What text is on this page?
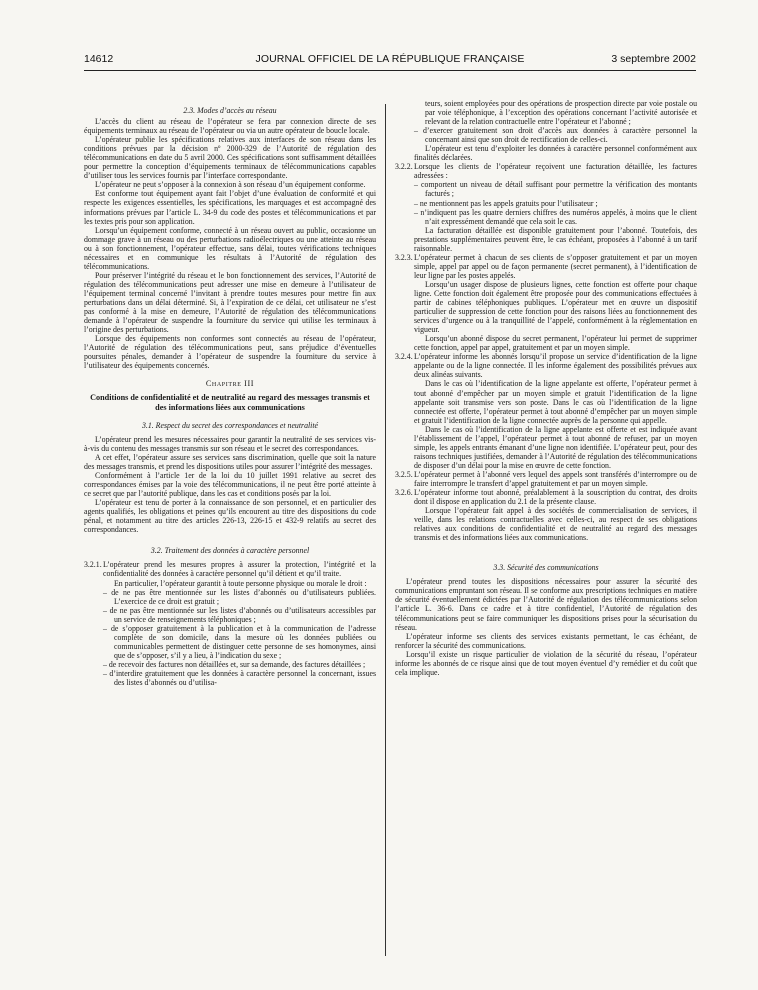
14612	JOURNAL OFFICIEL DE LA RÉPUBLIQUE FRANÇAISE	3 septembre 2002

2.3. Modes d’accès au réseau

L’accès du client au réseau de l’opérateur se fera par connexion directe de ses équipements terminaux au réseau de l’opérateur ou via un autre opérateur de boucle locale.

L’opérateur publie les spécifications relatives aux interfaces de son réseau dans les conditions prévues par la décision nº 2000-329 de l’Autorité de régulation des télécommunications en date du 5 avril 2000. Ces spécifications sont suffisamment détaillées pour permettre la conception d’équipements terminaux de télécommunications capables d’utiliser tous les services fournis par l’interface correspondante.

L’opérateur ne peut s’opposer à la connexion à son réseau d’un équipement conforme.

Est conforme tout équipement ayant fait l’objet d’une évaluation de conformité et qui respecte les exigences essentielles, les spécifications, les marquages et est accompagné des informations prévues par l’article L. 34-9 du code des postes et télécommunications et par les textes pris pour son application.

Lorsqu’un équipement conforme, connecté à un réseau ouvert au public, occasionne un dommage grave à un réseau ou des perturbations radioélectriques ou une atteinte au réseau ou à son fonctionnement, l’opérateur effectue, sans délai, toutes vérifications techniques nécessaires et en communique les résultats à l’Autorité de régulation des télécommunications.

Pour préserver l’intégrité du réseau et le bon fonctionnement des services, l’Autorité de régulation des télécommunications peut adresser une mise en demeure à l’utilisateur de l’équipement terminal concerné l’invitant à prendre toutes mesures pour mettre fin aux perturbations dans un délai déterminé. Si, à l’expiration de ce délai, cet utilisateur ne s’est pas conformé à la mise en demeure, l’Autorité de régulation des télécommunications demande à l’opérateur de suspendre la fourniture du service qui utilise les terminaux à l’origine des perturbations.

Lorsque des équipements non conformes sont connectés au réseau de l’opérateur, l’Autorité de régulation des télécommunications peut, sans préjudice d’éventuelles poursuites pénales, demander à l’opérateur de suspendre la fourniture du service à l’utilisateur des équipements concernés.

Chapitre III

Conditions de confidentialité et de neutralité au regard des messages transmis et des informations liées aux communications

3.1. Respect du secret des correspondances et neutralité

L’opérateur prend les mesures nécessaires pour garantir la neutralité de ses services vis-à-vis du contenu des messages transmis sur son réseau et le secret des correspondances.

A cet effet, l’opérateur assure ses services sans discrimination, quelle que soit la nature des messages transmis, et prend les dispositions utiles pour assurer l’intégrité des messages.

Conformément à l’article 1er de la loi du 10 juillet 1991 relative au secret des correspondances émises par la voie des télécommunications, il ne peut être porté atteinte à ce secret que par l’autorité publique, dans les cas et conditions posés par la loi.

L’opérateur est tenu de porter à la connaissance de son personnel, et en particulier des agents qualifiés, les obligations et peines qu’ils encourent au titre des dispositions du code pénal, et notamment au titre des articles 226-13, 226-15 et 432-9 relatifs au secret des correspondances.

3.2. Traitement des données à caractère personnel

3.2.1.L’opérateur prend les mesures propres à assurer la protection, l’intégrité et la confidentialité des données à caractère personnel qu’il détient et qu’il traite.

En particulier, l’opérateur garantit à toute personne physique ou morale le droit :

– de ne pas être mentionnée sur les listes d’abonnés ou d’utilisateurs publiées. L’exercice de ce droit est gratuit ;

– de ne pas être mentionnée sur les listes d’abonnés ou d’utilisateurs accessibles par un service de renseignements téléphoniques ;

– de s’opposer gratuitement à la publication et à la communication de l’adresse complète de son domicile, dans la mesure où les données publiées ou communicables permettent de distinguer cette personne de ses homonymes, ainsi que de s’opposer, s’il y a lieu, à l’indication du sexe ;

– de recevoir des factures non détaillées et, sur sa demande, des factures détaillées ;

– d’interdire gratuitement que les données à caractère personnel la concernant, issues des listes d’abonnés ou d’utilisa-

teurs, soient employées pour des opérations de prospection directe par voie postale ou par voie téléphonique, à l’exception des opérations concernant l’activité autorisée et relevant de la relation contractuelle entre l’opérateur et l’abonné ;

– d’exercer gratuitement son droit d’accès aux données à caractère personnel la concernant ainsi que son droit de rectification de celles-ci.

L’opérateur est tenu d’exploiter les données à caractère personnel conformément aux finalités déclarées.

3.2.2.Lorsque les clients de l’opérateur reçoivent une facturation détaillée, les factures adressées :

– comportent un niveau de détail suffisant pour permettre la vérification des montants facturés ;

– ne mentionnent pas les appels gratuits pour l’utilisateur ;

– n’indiquent pas les quatre derniers chiffres des numéros appelés, à moins que le client n’ait expressément demandé que cela soit le cas.

La facturation détaillée est disponible gratuitement pour l’abonné. Toutefois, des prestations supplémentaires peuvent être, le cas échéant, proposées à l’abonné à un tarif raisonnable.

3.2.3.L’opérateur permet à chacun de ses clients de s’opposer gratuitement et par un moyen simple, appel par appel ou de façon permanente (secret permanent), à l’identification de leur ligne par les postes appelés.

Lorsqu’un usager dispose de plusieurs lignes, cette fonction est offerte pour chaque ligne. Cette fonction doit également être proposée pour des communications effectuées à partir de cabines téléphoniques publiques. L’opérateur met en œuvre un dispositif particulier de suppression de cette fonction pour des raisons liées au fonctionnement des services d’urgence ou à la tranquillité de l’appelé, conformément à la réglementation en vigueur.

Lorsqu’un abonné dispose du secret permanent, l’opérateur lui permet de supprimer cette fonction, appel par appel, gratuitement et par un moyen simple.

3.2.4.L’opérateur informe les abonnés lorsqu’il propose un service d’identification de la ligne appelante ou de la ligne connectée. Il les informe également des possibilités prévues aux deux alinéas suivants.

Dans le cas où l’identification de la ligne appelante est offerte, l’opérateur permet à tout abonné d’empêcher par un moyen simple et gratuit l’identification de la ligne appelante soit transmise vers son poste. Dans le cas où l’identification de la ligne connectée est offerte, l’opérateur permet à tout abonné d’empêcher par un moyen simple et gratuit l’identification de la ligne connectée auprès de la personne qui appelle.

Dans le cas où l’identification de la ligne appelante est offerte et est indiquée avant l’établissement de l’appel, l’opérateur permet à tout abonné de refuser, par un moyen simple, les appels entrants émanant d’une ligne non identifiée. L’opérateur peut, pour des raisons techniques justifiées, demander à l’Autorité de régulation des télécommunications de disposer d’un délai pour la mise en œuvre de cette fonction.

3.2.5.L’opérateur permet à l’abonné vers lequel des appels sont transférés d’interrompre ou de faire interrompre le transfert d’appel gratuitement et par un moyen simple.

3.2.6.L’opérateur informe tout abonné, préalablement à la souscription du contrat, des droits dont il dispose en application du 2.1 de la présente clause.

Lorsque l’opérateur fait appel à des sociétés de commercialisation de services, il veille, dans les relations contractuelles avec celles-ci, au respect de ses obligations relatives aux conditions de confidentialité et de neutralité au regard des messages transmis et des informations liées aux communications.

3.3. Sécurité des communications

L’opérateur prend toutes les dispositions nécessaires pour assurer la sécurité des communications empruntant son réseau. Il se conforme aux prescriptions techniques en matière de sécurité éventuellement édictées par l’Autorité de régulation des télécommunications selon l’article L. 36-6. Dans ce cadre et à titre confidentiel, l’Autorité de régulation des télécommunications peut se faire communiquer les dispositions prises pour la sécurisation du réseau.

L’opérateur informe ses clients des services existants permettant, le cas échéant, de renforcer la sécurité des communications.

Lorsqu’il existe un risque particulier de violation de la sécurité du réseau, l’opérateur informe les abonnés de ce risque ainsi que de tout moyen éventuel d’y remédier et du coût que cela implique.
